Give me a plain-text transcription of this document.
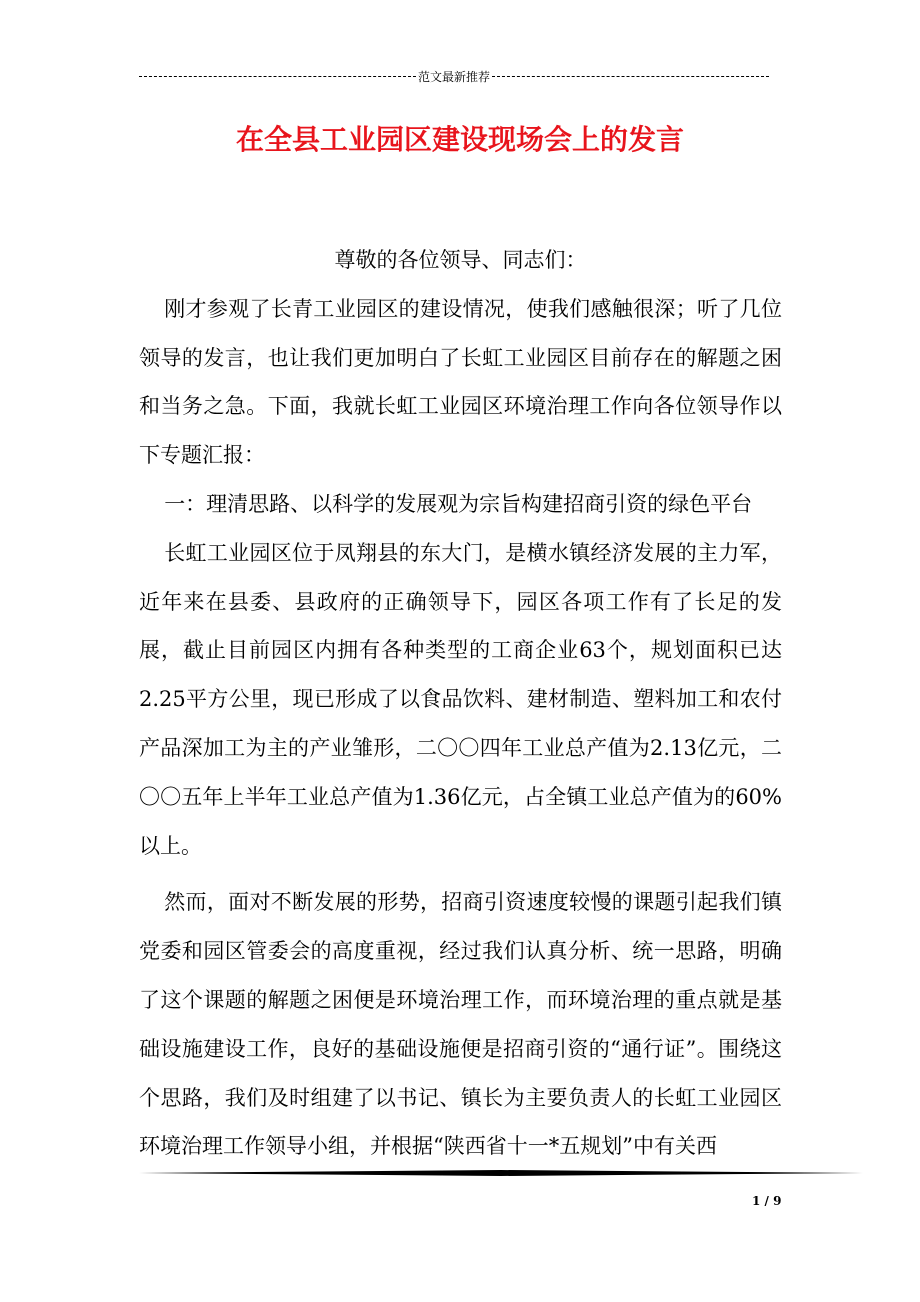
范文最新推荐
在全县工业园区建设现场会上的发言

尊敬的各位领导、同志们：

刚才参观了长青工业园区的建设情况，使我们感触很深；听了几位领导的发言，也让我们更加明白了长虹工业园区目前存在的解题之困和当务之急。下面，我就长虹工业园区环境治理工作向各位领导作以下专题汇报：

一：理清思路、以科学的发展观为宗旨构建招商引资的绿色平台

长虹工业园区位于凤翔县的东大门，是横水镇经济发展的主力军，近年来在县委、县政府的正确领导下，园区各项工作有了长足的发展，截止目前园区内拥有各种类型的工商企业63个，规划面积已达2.25平方公里，现已形成了以食品饮料、建材制造、塑料加工和农付产品深加工为主的产业雏形，二〇〇四年工业总产值为2.13亿元，二〇〇五年上半年工业总产值为1.36亿元，占全镇工业总产值为的60%以上。

然而，面对不断发展的形势，招商引资速度较慢的课题引起我们镇党委和园区管委会的高度重视，经过我们认真分析、统一思路，明确了这个课题的解题之困便是环境治理工作，而环境治理的重点就是基础设施建设工作，良好的基础设施便是招商引资的“通行证”。围绕这个思路，我们及时组建了以书记、镇长为主要负责人的长虹工业园区环境治理工作领导小组，并根据“陕西省十一*五规划”中有关西

1 / 9
